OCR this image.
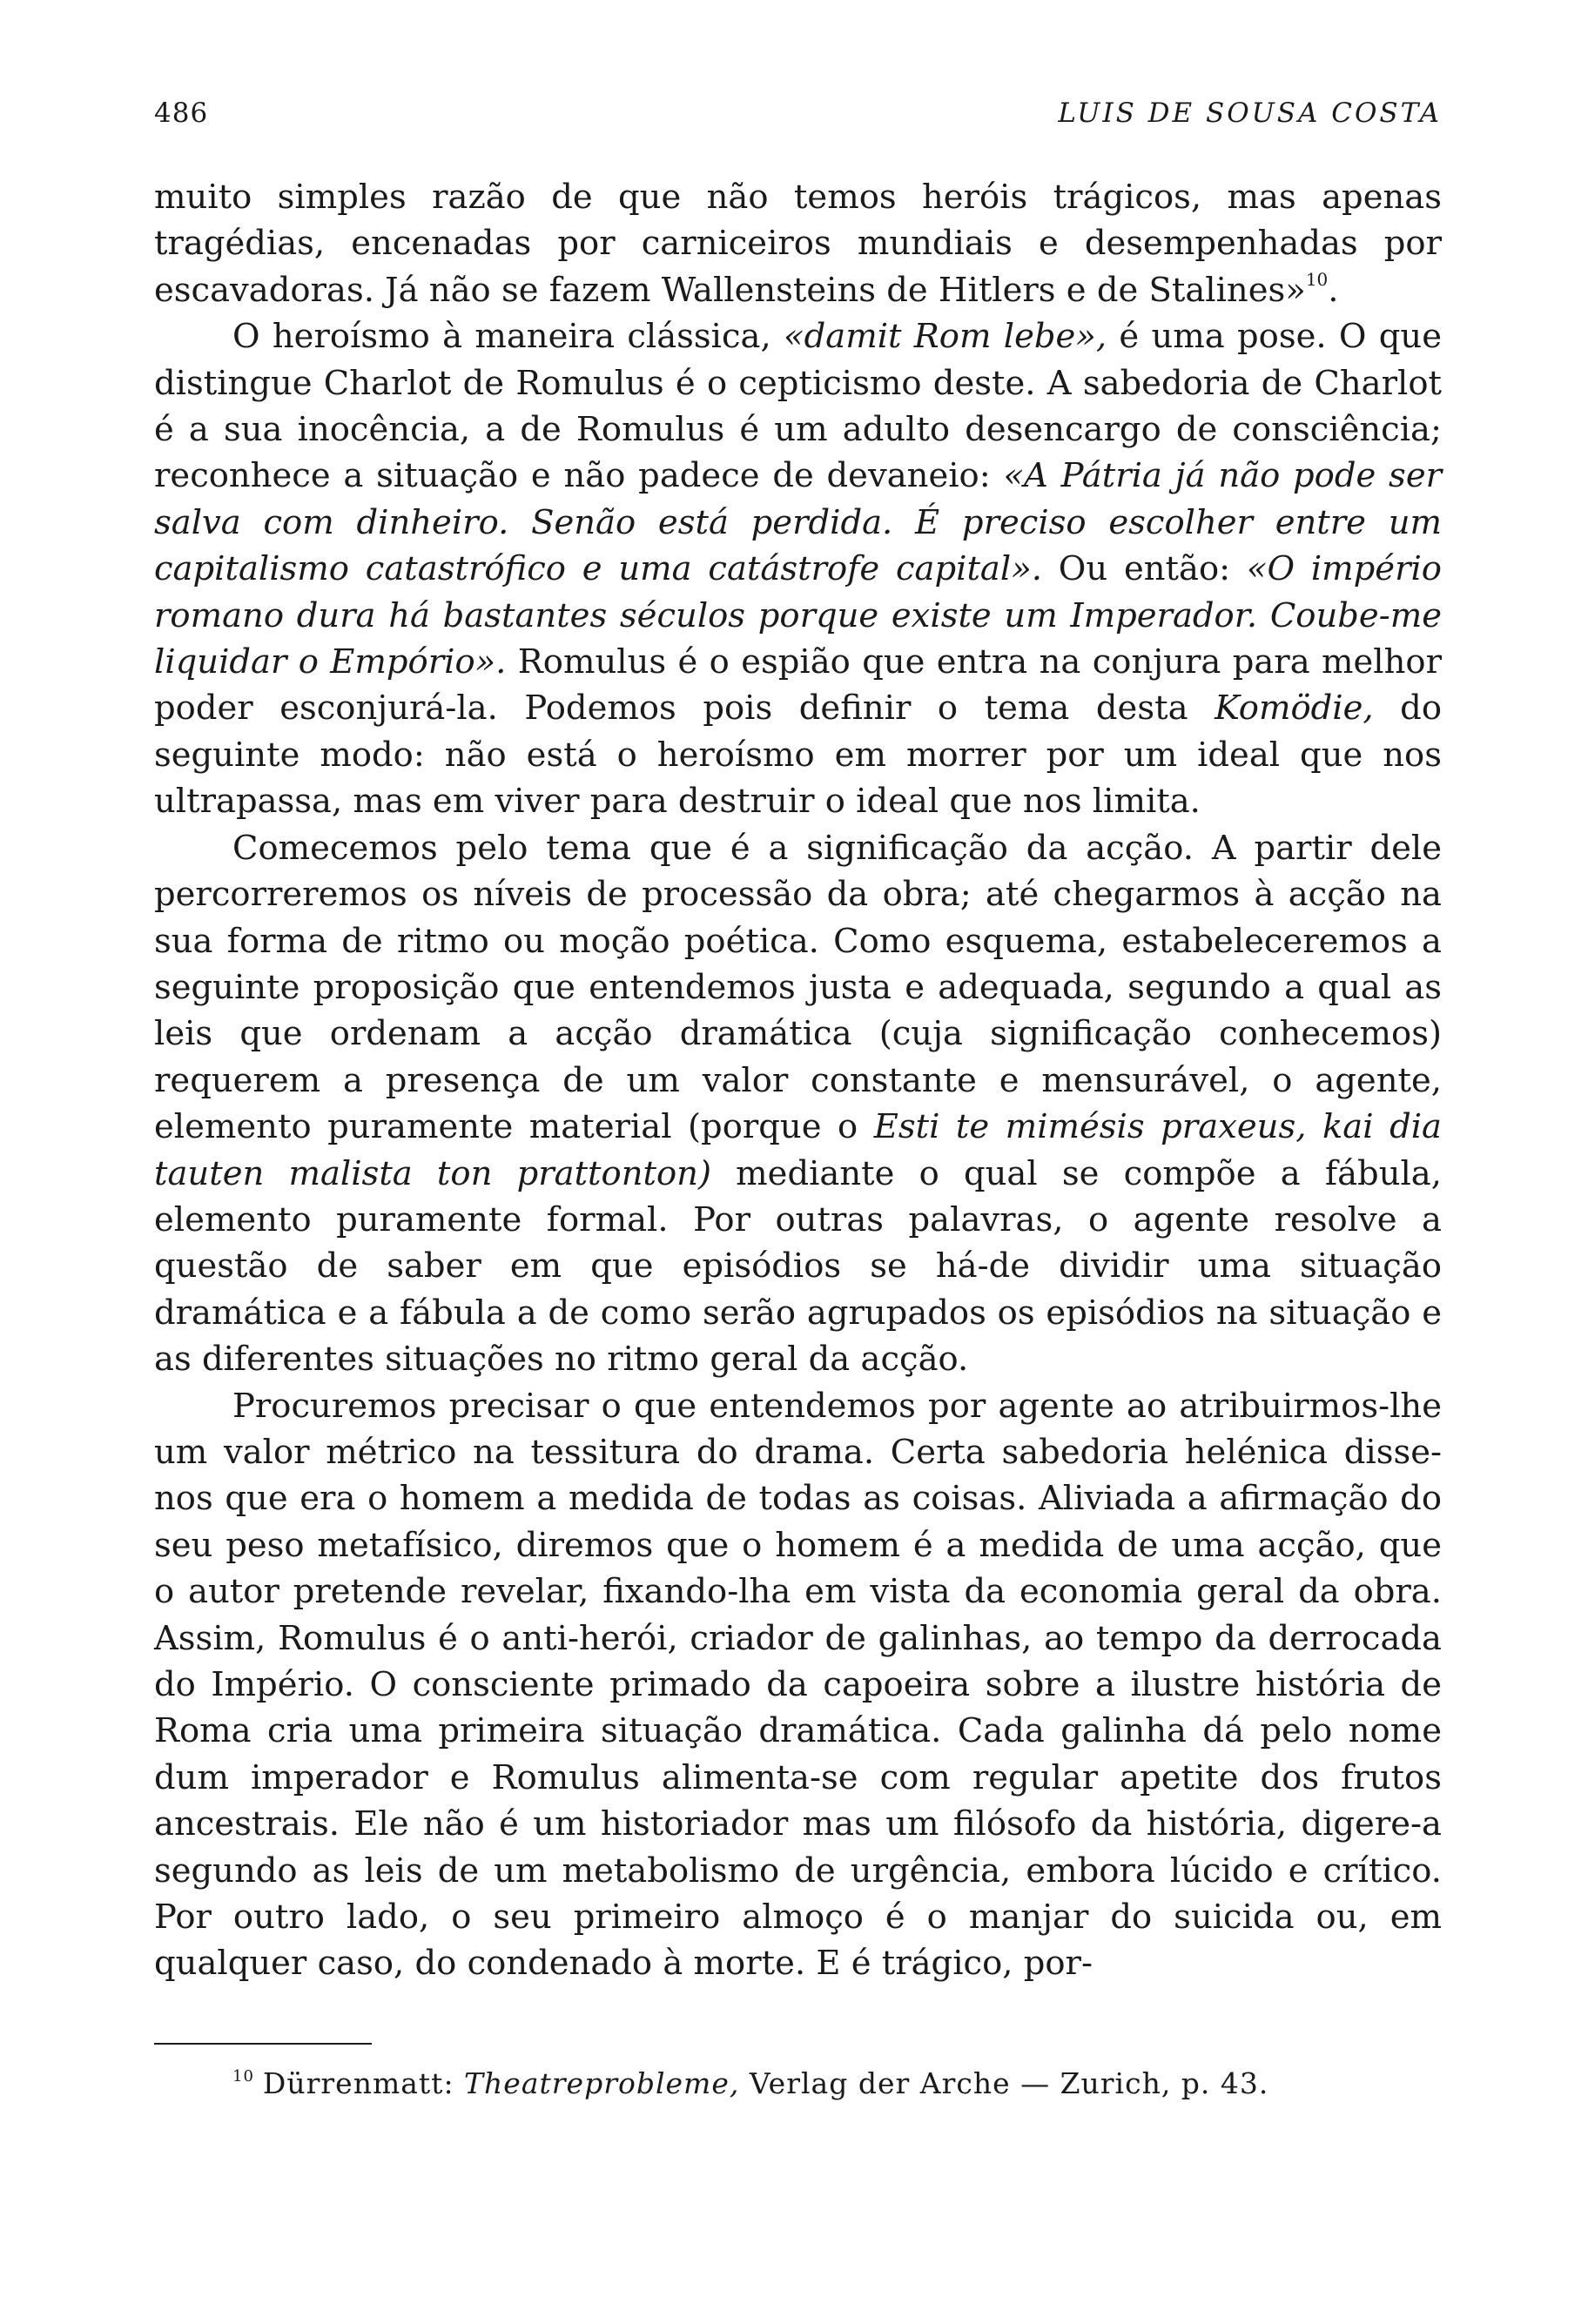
486	LUIS DE SOUSA COSTA

muito simples razão de que não temos heróis trágicos, mas apenas tragédias, encenadas por carniceiros mundiais e desempenhadas por escavadoras. Já não se fazem Wallensteins de Hitlers e de Stalines»$^{10}$.

O heroísmo à maneira clássica, «damit Rom lebe», é uma pose. O que distingue Charlot de Romulus é o cepticismo deste. A sabedoria de Charlot é a sua inocência, a de Romulus é um adulto desencargo de consciência; reconhece a situação e não padece de devaneio: «A Pátria já não pode ser salva com dinheiro. Senão está perdida. É preciso escolher entre um capitalismo catastrófico e uma catástrofe capital». Ou então: «O império romano dura há bastantes séculos porque existe um Imperador. Coube-me liquidar o Empório». Romulus é o espião que entra na conjura para melhor poder esconjurá-la. Podemos pois definir o tema desta Komödie, do seguinte modo: não está o heroísmo em morrer por um ideal que nos ultrapassa, mas em viver para destruir o ideal que nos limita.

Comecemos pelo tema que é a significação da acção. A partir dele percorreremos os níveis de processão da obra; até chegarmos à acção na sua forma de ritmo ou moção poética. Como esquema, estabeleceremos a seguinte proposição que entendemos justa e adequada, segundo a qual as leis que ordenam a acção dramática (cuja significação conhecemos) requerem a presença de um valor constante e mensurável, o agente, elemento puramente material (porque o Esti te mimésis praxeus, kai dia tauten malista ton prattonton) mediante o qual se compõe a fábula, elemento puramente formal. Por outras palavras, o agente resolve a questão de saber em que episódios se há-de dividir uma situação dramática e a fábula a de como serão agrupados os episódios na situação e as diferentes situações no ritmo geral da acção.

Procuremos precisar o que entendemos por agente ao atribuirmos-lhe um valor métrico na tessitura do drama. Certa sabedoria helénica disse-nos que era o homem a medida de todas as coisas. Aliviada a afirmação do seu peso metafísico, diremos que o homem é a medida de uma acção, que o autor pretende revelar, fixando-lha em vista da economia geral da obra. Assim, Romulus é o anti-herói, criador de galinhas, ao tempo da derrocada do Império. O consciente primado da capoeira sobre a ilustre história de Roma cria uma primeira situação dramática. Cada galinha dá pelo nome dum imperador e Romulus alimenta-se com regular apetite dos frutos ancestrais. Ele não é um historiador mas um filósofo da história, digere-a segundo as leis de um metabolismo de urgência, embora lúcido e crítico. Por outro lado, o seu primeiro almoço é o manjar do suicida ou, em qualquer caso, do condenado à morte. E é trágico, por-

$^{10}$ Dürrenmatt: Theatreprobleme, Verlag der Arche — Zurich, p. 43.
